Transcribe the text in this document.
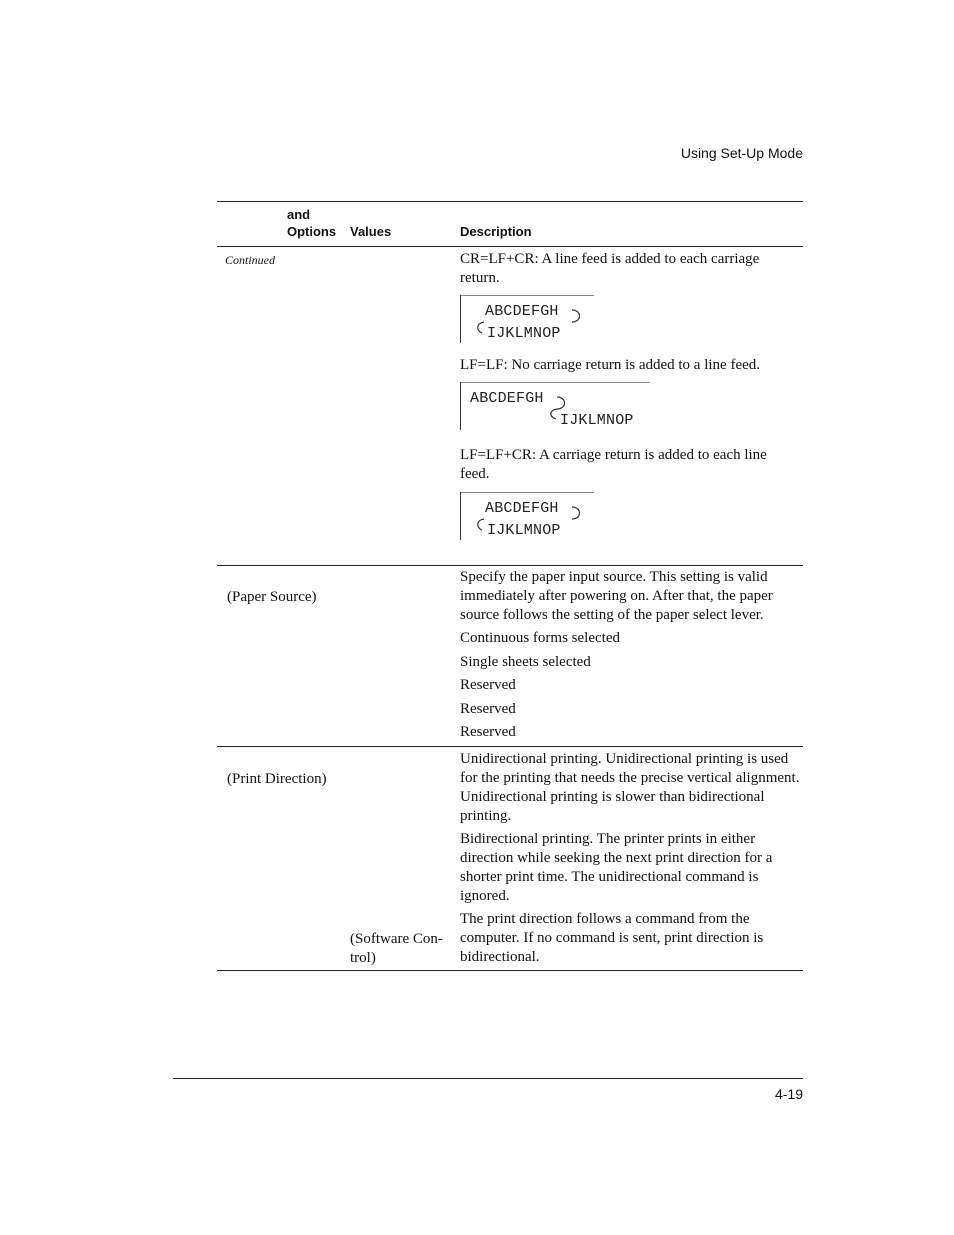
Using Set-Up Mode
and
Options Values	Description
Continued	CR=LF+CR: A line feed is added to each carriage return.
ABCDEFGH
IJKLMNOP
LF=LF: No carriage return is added to a line feed.
ABCDEFGH
IJKLMNOP
LF=LF+CR: A carriage return is added to each line feed.
ABCDEFGH
IJKLMNOP
(Paper Source)
Specify the paper input source. This setting is valid immediately after powering on. After that, the paper source follows the setting of the paper select lever.
Continuous forms selected
Single sheets selected
Reserved
Reserved
Reserved
(Print Direction)
Unidirectional printing. Unidirectional printing is used for the printing that needs the precise vertical alignment. Unidirectional printing is slower than bidirectional printing.
Bidirectional printing. The printer prints in either direction while seeking the next print direction for a shorter print time. The unidirectional command is ignored.
(Software Con-trol)
The print direction follows a command from the computer. If no command is sent, print direction is bidirectional.
4-19
